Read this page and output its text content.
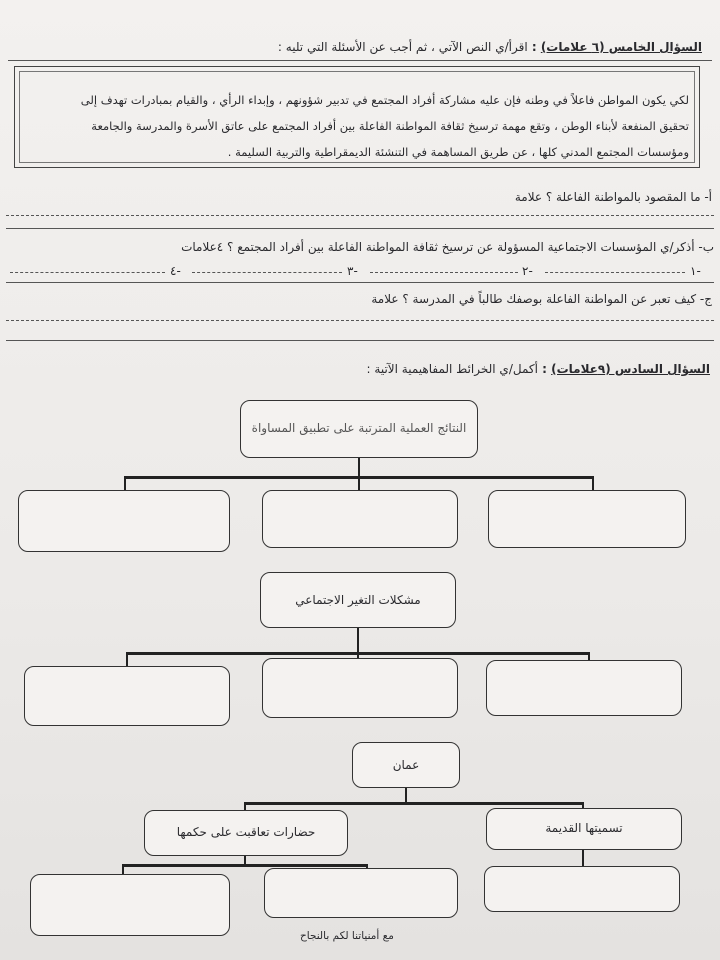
السؤال الخامس (٦ علامات) : اقرأ/ي النص الآتي ، ثم أجب عن الأسئلة التي تليه :

لكي يكون المواطن فاعلاً في وطنه فإن عليه مشاركة أفراد المجتمع في تدبير شؤونهم ، وإبداء الرأي ، والقيام بمبادرات تهدف إلى

تحقيق المنفعة لأبناء الوطن ، وتقع مهمة ترسيخ ثقافة المواطنة الفاعلة بين أفراد المجتمع على عاتق الأسرة والمدرسة والجامعة

ومؤسسات المجتمع المدني كلها ، عن طريق المساهمة في التنشئة الديمقراطية والتربية السليمة .

أ- ما المقصود بالمواطنة الفاعلة ؟ علامة
ب- أذكر/ي المؤسسات الاجتماعية المسؤولة عن ترسيخ ثقافة المواطنة الفاعلة بين أفراد المجتمع ؟ ٤علامات
١-
٢-
٣-
٤-
ج- كيف تعبر عن المواطنة الفاعلة بوصفك طالباً في المدرسة ؟ علامة
السؤال السادس (٩علامات) : أكمل/ي الخرائط المفاهيمية الآتية :
النتائج العملية المترتبة على تطبيق المساواة
مشكلات التغير الاجتماعي
عمان
حضارات تعاقبت على حكمها	تسميتها القديمة
مع أمنياتنا لكم بالنجاح
